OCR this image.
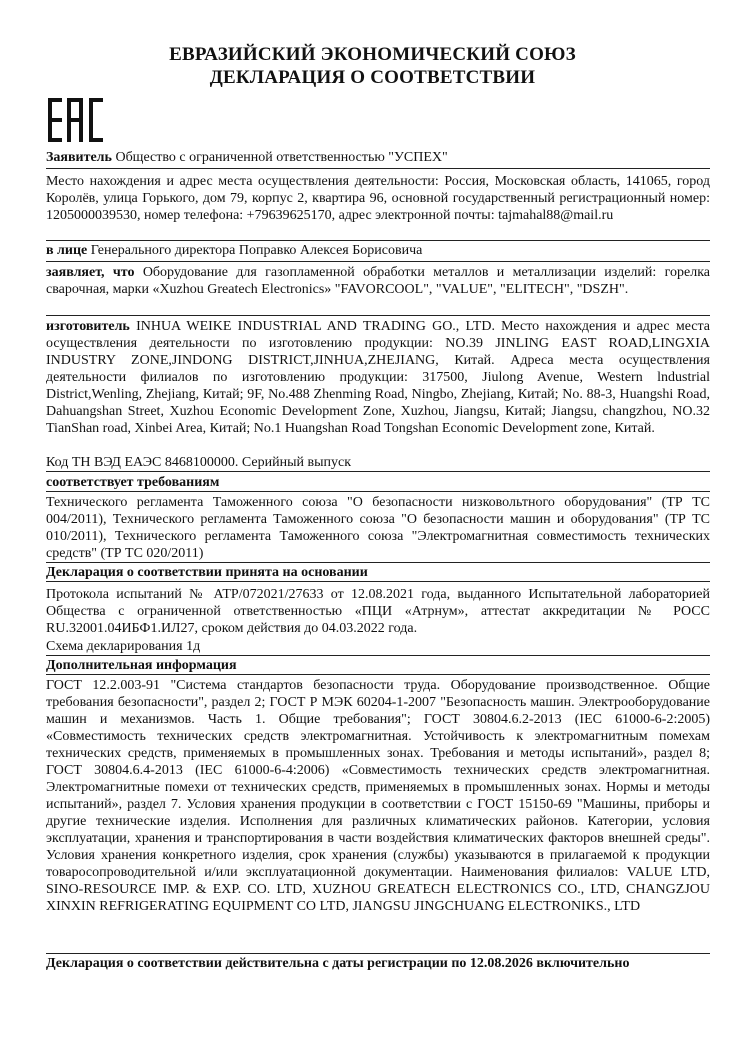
ЕВРАЗИЙСКИЙ ЭКОНОМИЧЕСКИЙ СОЮЗ
ДЕКЛАРАЦИЯ О СООТВЕТСТВИИ
Заявитель Общество с ограниченной ответственностью "УСПЕХ"
Место нахождения и адрес места осуществления деятельности: Россия, Московская область, 141065, город Королёв, улица Горького, дом 79, корпус 2, квартира 96, основной государственный регистрационный номер: 1205000039530, номер телефона: +79639625170, адрес электронной почты: tajmahal88@mail.ru
в лице Генерального директора Поправко Алексея Борисовича
заявляет, что Оборудование для газопламенной обработки металлов и металлизации изделий: горелка сварочная, марки «Xuzhou Greatech Electronics» "FAVORCOOL", "VALUE", "ELITECH", "DSZH".
изготовитель INHUA WEIKE INDUSTRIAL AND TRADING GO., LTD. Место нахождения и адрес места осуществления деятельности по изготовлению продукции: NO.39 JINLING EAST ROAD,LINGXIA INDUSTRY ZONE,JINDONG DISTRICT,JINHUA,ZHEJIANG, Китай. Адреса места осуществления деятельности филиалов по изготовлению продукции: 317500, Jiulong Avenue, Western lndustrial District,Wenling, Zhejiang, Китай; 9F, No.488 Zhenming Road, Ningbo, Zhejiang, Китай; No. 88-3, Huangshi Road, Dahuangshan Street, Xuzhou Economic Development Zone, Xuzhou, Jiangsu, Китай; Jiangsu, changzhou, NO.32 TianShan road, Xinbei Area, Китай; No.1 Huangshan Road Tongshan Economic Development zone, Китай.
Код ТН ВЭД ЕАЭС 8468100000. Серийный выпуск
соответствует требованиям
Технического регламента Таможенного союза "О безопасности низковольтного оборудования" (ТР ТС 004/2011), Технического регламента Таможенного союза "О безопасности машин и оборудования" (ТР ТС 010/2011), Технического регламента Таможенного союза "Электромагнитная совместимость технических средств" (ТР ТС 020/2011)
Декларация о соответствии принята на основании
Протокола испытаний № АТР/072021/27633 от 12.08.2021 года, выданного Испытательной лабораторией Общества с ограниченной ответственностью «ПЦИ «Атрнум», аттестат аккредитации № РОСС RU.32001.04ИБФ1.ИЛ27, сроком действия до 04.03.2022 года.
Схема декларирования 1д
Дополнительная информация
ГОСТ 12.2.003-91 "Система стандартов безопасности труда. Оборудование производственное. Общие требования безопасности", раздел 2; ГОСТ Р МЭК 60204-1-2007 "Безопасность машин. Электрооборудование машин и механизмов. Часть 1. Общие требования"; ГОСТ 30804.6.2-2013 (IEC 61000-6-2:2005) «Совместимость технических средств электромагнитная. Устойчивость к электромагнитным помехам технических средств, применяемых в промышленных зонах. Требования и методы испытаний», раздел 8; ГОСТ 30804.6.4-2013 (IEC 61000-6-4:2006) «Совместимость технических средств электромагнитная. Электромагнитные помехи от технических средств, применяемых в промышленных зонах. Нормы и методы испытаний», раздел 7. Условия хранения продукции в соответствии с ГОСТ 15150-69 "Машины, приборы и другие технические изделия. Исполнения для различных климатических районов. Категории, условия эксплуатации, хранения и транспортирования в части воздействия климатических факторов внешней среды". Условия хранения конкретного изделия, срок хранения (службы) указываются в прилагаемой к продукции товаросопроводительной и/или эксплуатационной документации. Наименования филиалов: VALUE LTD, SINO-RESOURCE IMP. & EXP. CO. LTD, XUZHOU GREATECH ELECTRONICS CO., LTD, CHANGZJOU XINXIN REFRIGERATING EQUIPMENT CO LTD, JIANGSU JINGCHUANG ELECTRONIKS., LTD
Декларация о соответствии действительна с даты регистрации по 12.08.2026 включительно
